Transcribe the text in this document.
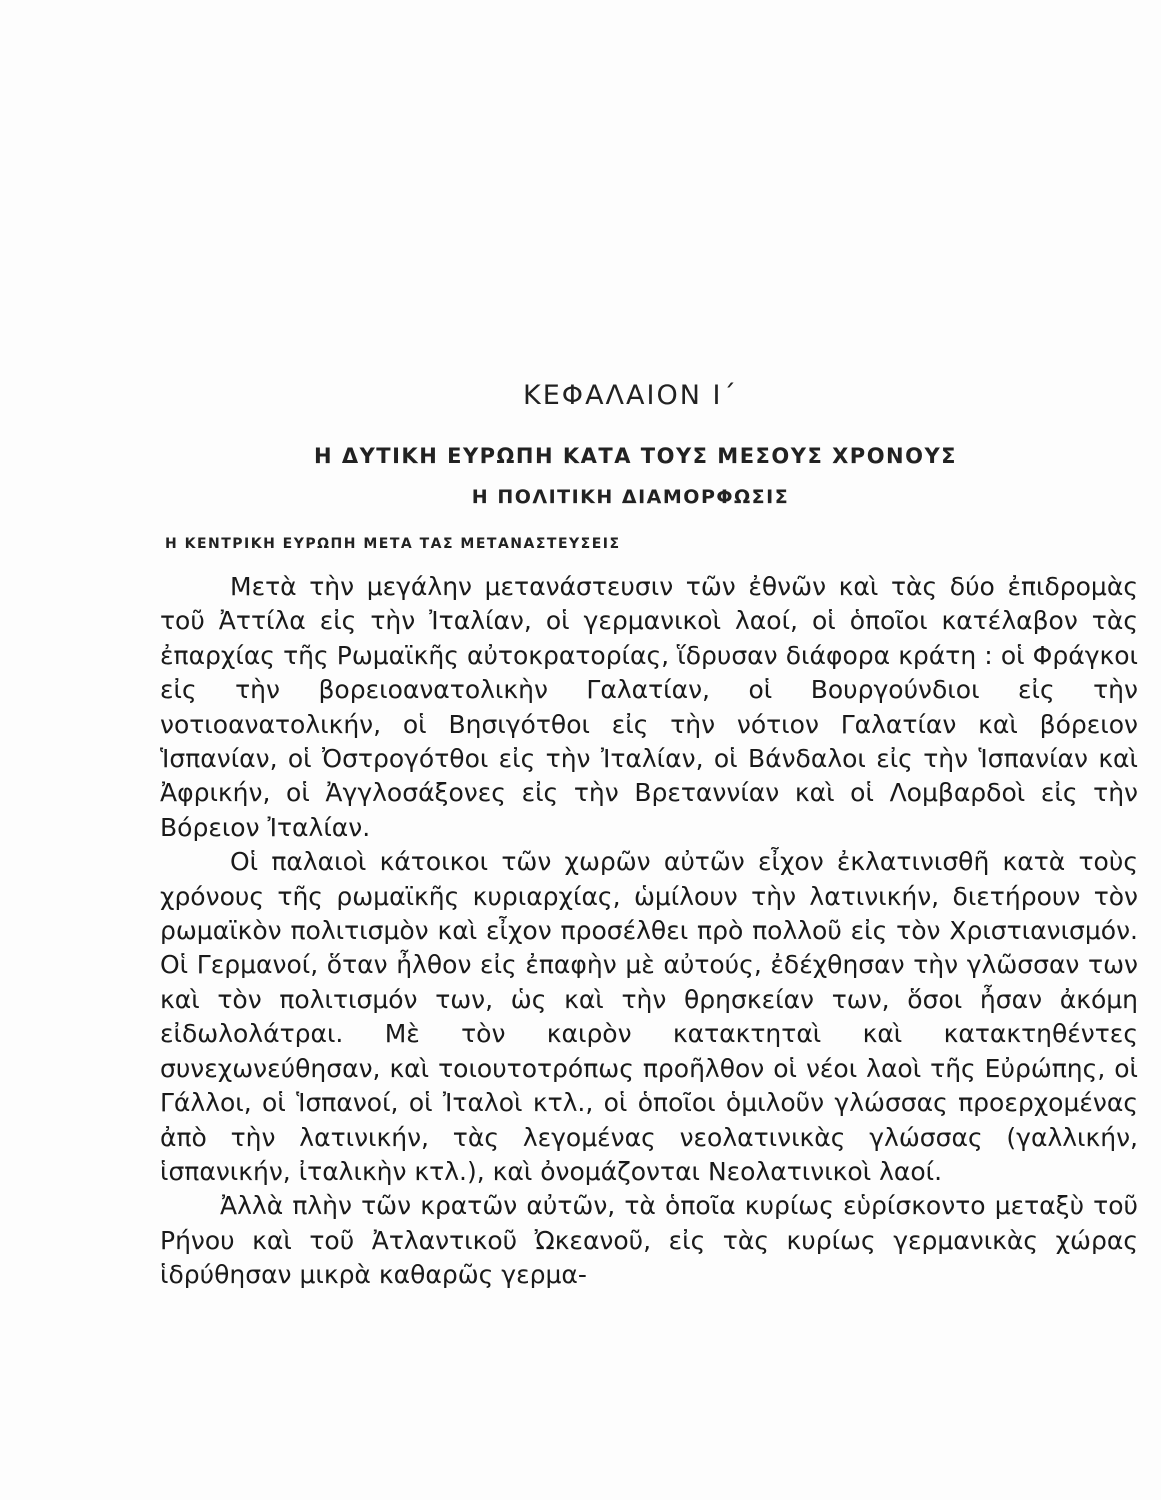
ΚΕΦΑΛΑΙΟΝ Ι΄
Η ΔΥΤΙΚΗ ΕΥΡΩΠΗ ΚΑΤΑ ΤΟΥΣ ΜΕΣΟΥΣ ΧΡΟΝΟΥΣ
Η ΠΟΛΙΤΙΚΗ ΔΙΑΜΟΡΦΩΣΙΣ
Η ΚΕΝΤΡΙΚΗ ΕΥΡΩΠΗ ΜΕΤΑ ΤΑΣ ΜΕΤΑΝΑΣΤΕΥΣΕΙΣ

Μετὰ τὴν μεγάλην μετανάστευσιν τῶν ἐθνῶν καὶ τὰς δύο ἐπιδρομὰς τοῦ Ἀττίλα εἰς τὴν Ἰταλίαν, οἱ γερμανικοὶ λαοί, οἱ ὁποῖοι κατέλαβον τὰς ἐπαρχίας τῆς Ρωμαϊκῆς αὐτοκρατορίας, ἵδρυσαν διάφορα κράτη : οἱ Φράγκοι εἰς τὴν βορειοανατολικὴν Γαλατίαν, οἱ Βουργούνδιοι εἰς τὴν νοτιοανατολικήν, οἱ Βησιγότθοι εἰς τὴν νότιον Γαλατίαν καὶ βόρειον Ἱσπανίαν, οἱ Ὀστρογότθοι εἰς τὴν Ἰταλίαν, οἱ Βάνδαλοι εἰς τὴν Ἱσπανίαν καὶ Ἀφρικήν, οἱ Ἀγγλοσάξονες εἰς τὴν Βρεταννίαν καὶ οἱ Λομβαρδοὶ εἰς τὴν Βόρειον Ἰταλίαν.

Οἱ παλαιοὶ κάτοικοι τῶν χωρῶν αὐτῶν εἶχον ἐκλατινισθῆ κατὰ τοὺς χρόνους τῆς ρωμαϊκῆς κυριαρχίας, ὡμίλουν τὴν λατινικήν, διετήρουν τὸν ρωμαϊκὸν πολιτισμὸν καὶ εἶχον προσέλθει πρὸ πολλοῦ εἰς τὸν Χριστιανισμόν. Οἱ Γερμανοί, ὅταν ἦλθον εἰς ἐπαφὴν μὲ αὐτούς, ἐδέχθησαν τὴν γλῶσσαν των καὶ τὸν πολιτισμόν των, ὡς καὶ τὴν θρησκείαν των, ὅσοι ἦσαν ἀκόμη εἰδωλολάτραι. Μὲ τὸν καιρὸν κατακτηταὶ καὶ κατακτηθέντες συνεχωνεύθησαν, καὶ τοιουτοτρόπως προῆλθον οἱ νέοι λαοὶ τῆς Εὐρώπης, οἱ Γάλλοι, οἱ Ἱσπανοί, οἱ Ἰταλοὶ κτλ., οἱ ὁποῖοι ὁμιλοῦν γλώσσας προερχομένας ἀπὸ τὴν λατινικήν, τὰς λεγομένας νεολατινικὰς γλώσσας (γαλλικήν, ἱσπανικήν, ἰταλικὴν κτλ.), καὶ ὀνομάζονται Νεολατινικοὶ λαοί.

Ἀλλὰ πλὴν τῶν κρατῶν αὐτῶν, τὰ ὁποῖα κυρίως εὑρίσκοντο μεταξὺ τοῦ Ρήνου καὶ τοῦ Ἀτλαντικοῦ Ὠκεανοῦ, εἰς τὰς κυρίως γερμανικὰς χώρας ἱδρύθησαν μικρὰ καθαρῶς γερμα-
